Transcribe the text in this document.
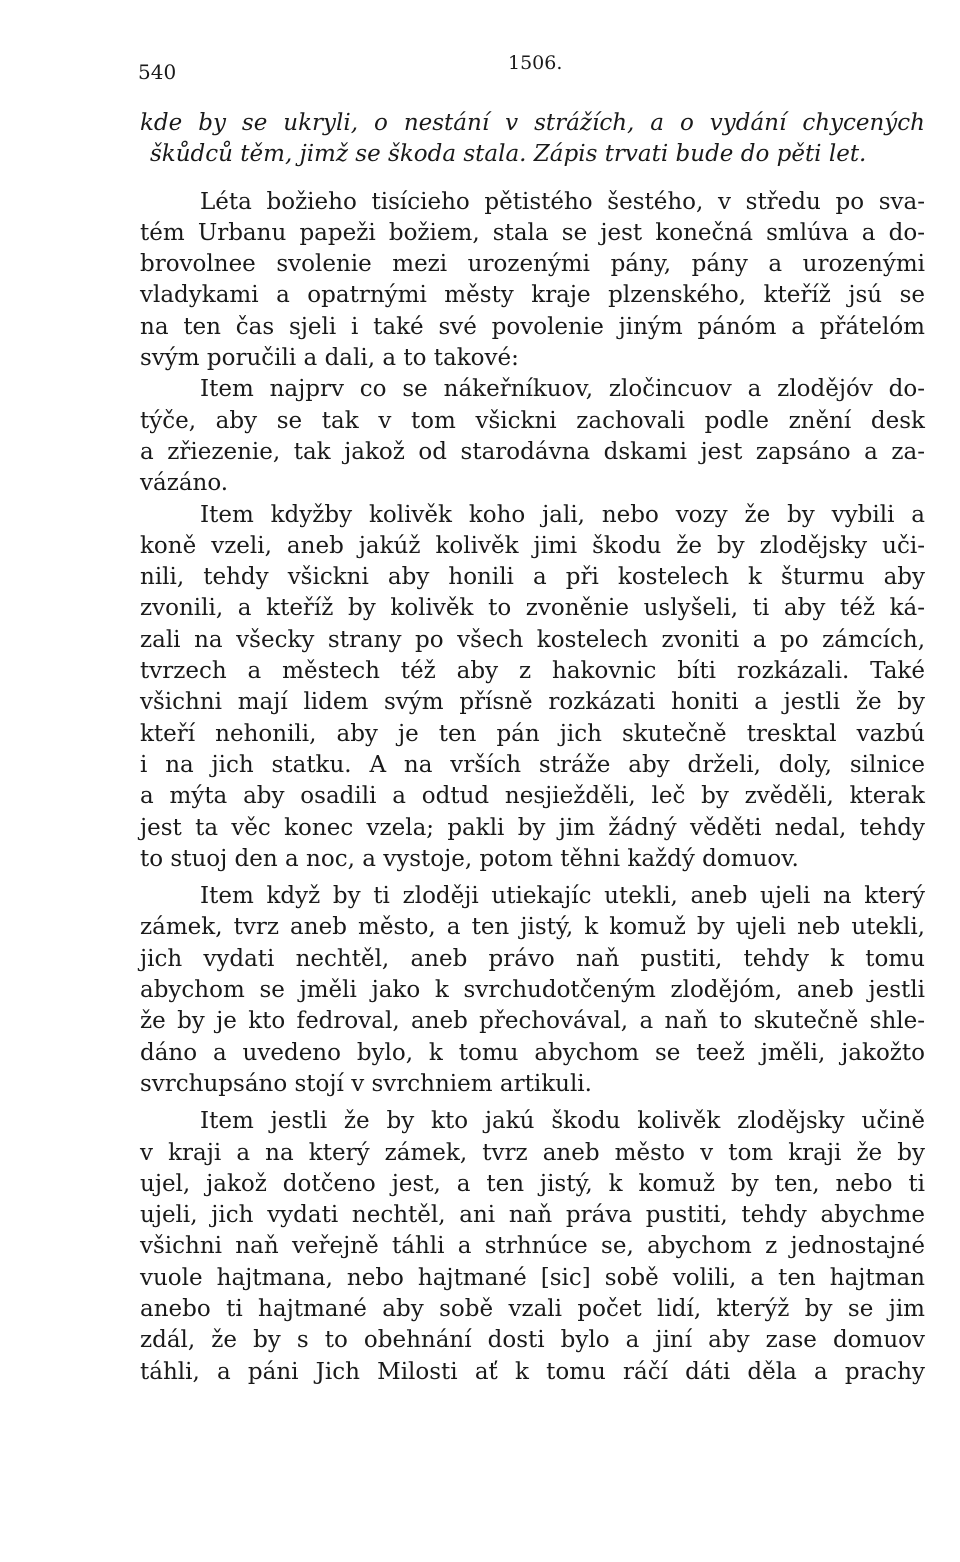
540	1506.
kde by se ukryli, o nestání v strážích, a o vydání chycených
škůdců těm, jimž se škoda stala. Zápis trvati bude do pěti let.
Léta božieho tisícieho pětistého šestého, v středu po sva-
tém Urbanu papeži božiem, stala se jest konečná smlúva a do-
brovolnee svolenie mezi urozenými pány, pány a urozenými
vladykami a opatrnými městy kraje plzenského, kteříž jsú se
na ten čas sjeli i také své povolenie jiným pánóm a přátelóm
svým poručili a dali, a to takové:
Item najprv co se nákeřníkuov, zločincuov a zlodějóv do-
týče, aby se tak v tom všickni zachovali podle znění desk
a zřiezenie, tak jakož od starodávna dskami jest zapsáno a za-
vázáno.
Item kdyžby kolivěk koho jali, nebo vozy že by vybili a
koně vzeli, aneb jakúž kolivěk jimi škodu že by zlodějsky uči-
nili, tehdy všickni aby honili a při kostelech k šturmu aby
zvonili, a kteříž by kolivěk to zvoněnie uslyšeli, ti aby též ká-
zali na všecky strany po všech kostelech zvoniti a po zámcích,
tvrzech a městech též aby z hakovnic bíti rozkázali. Také
všichni mají lidem svým přísně rozkázati honiti a jestli že by
kteří nehonili, aby je ten pán jich skutečně tresktal vazbú
i na jich statku. A na vrších stráže aby drželi, doly, silnice
a mýta aby osadili a odtud nesjiežděli, leč by zvěděli, kterak
jest ta věc konec vzela; pakli by jim žádný věděti nedal, tehdy
to stuoj den a noc, a vystoje, potom těhni každý domuov.
Item když by ti zloději utiekajíc utekli, aneb ujeli na který
zámek, tvrz aneb město, a ten jistý, k komuž by ujeli neb utekli,
jich vydati nechtěl, aneb právo naň pustiti, tehdy k tomu
abychom se jměli jako k svrchudotčeným zlodějóm, aneb jestli
že by je kto fedroval, aneb přechovával, a naň to skutečně shle-
dáno a uvedeno bylo, k tomu abychom se teež jměli, jakožto
svrchupsáno stojí v svrchniem artikuli.
Item jestli že by kto jakú škodu kolivěk zlodějsky učině
v kraji a na který zámek, tvrz aneb město v tom kraji že by
ujel, jakož dotčeno jest, a ten jistý, k komuž by ten, nebo ti
ujeli, jich vydati nechtěl, ani naň práva pustiti, tehdy abychme
všichni naň veřejně táhli a strhnúce se, abychom z jednostajné
vuole hajtmana, nebo hajtmané [sic] sobě volili, a ten hajtman
anebo ti hajtmané aby sobě vzali počet lidí, kterýž by se jim
zdál, že by s to obehnání dosti bylo a jiní aby zase domuov
táhli, a páni Jich Milosti ať k tomu ráčí dáti děla a prachy
